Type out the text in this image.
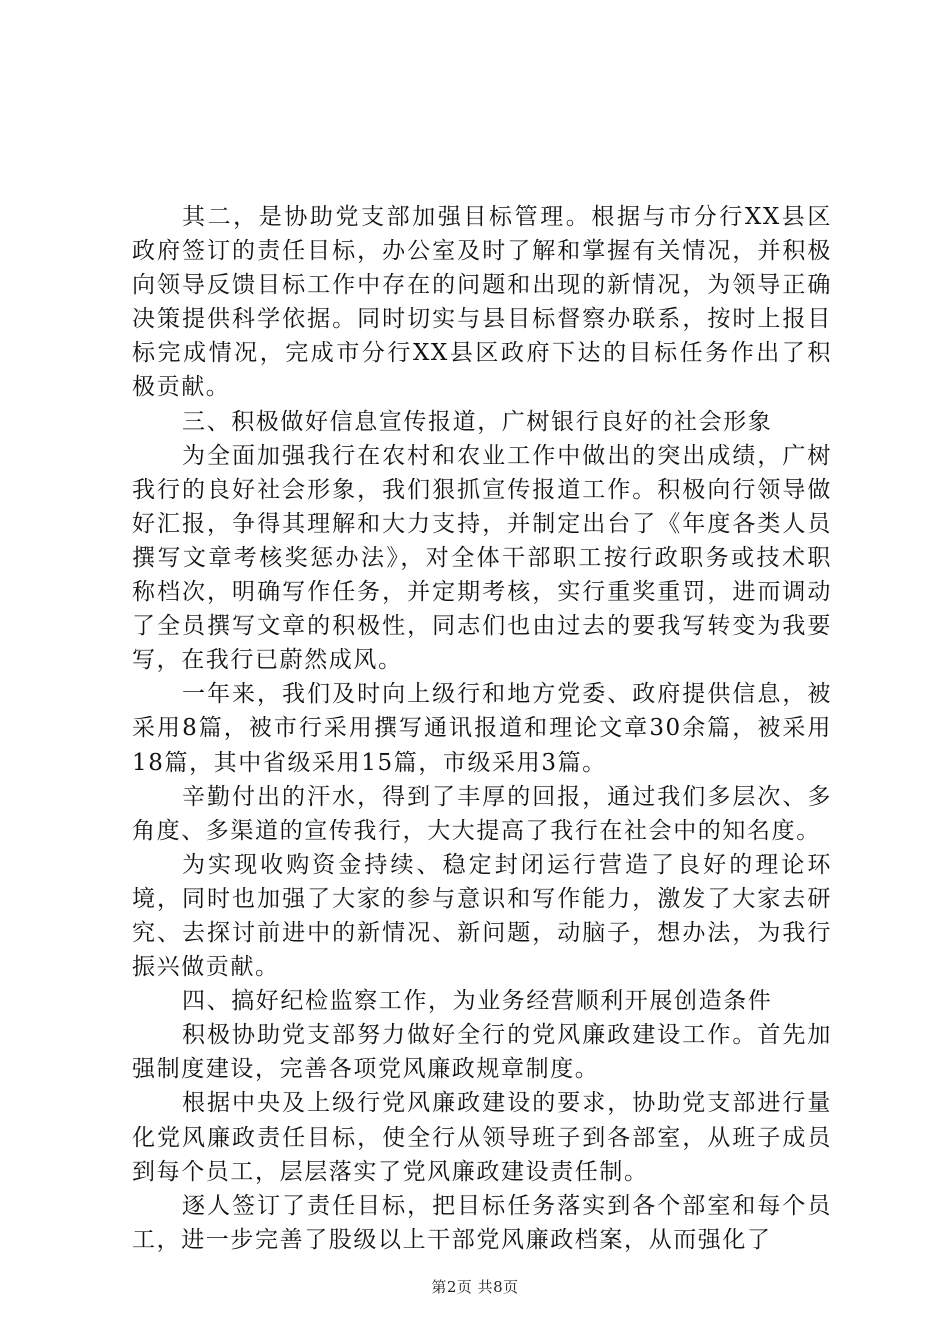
其二，是协助党支部加强目标管理。根据与市分行XX县区政府签订的责任目标，办公室及时了解和掌握有关情况，并积极向领导反馈目标工作中存在的问题和出现的新情况，为领导正确决策提供科学依据。同时切实与县目标督察办联系，按时上报目标完成情况，完成市分行XX县区政府下达的目标任务作出了积极贡献。

三、积极做好信息宣传报道，广树银行良好的社会形象

为全面加强我行在农村和农业工作中做出的突出成绩，广树我行的良好社会形象，我们狠抓宣传报道工作。积极向行领导做好汇报，争得其理解和大力支持，并制定出台了《年度各类人员撰写文章考核奖惩办法》，对全体干部职工按行政职务或技术职称档次，明确写作任务，并定期考核，实行重奖重罚，进而调动了全员撰写文章的积极性，同志们也由过去的要我写转变为我要写，在我行已蔚然成风。

一年来，我们及时向上级行和地方党委、政府提供信息，被采用8篇，被市行采用撰写通讯报道和理论文章30余篇，被采用18篇，其中省级采用15篇，市级采用3篇。

辛勤付出的汗水，得到了丰厚的回报，通过我们多层次、多角度、多渠道的宣传我行，大大提高了我行在社会中的知名度。

为实现收购资金持续、稳定封闭运行营造了良好的理论环境，同时也加强了大家的参与意识和写作能力，激发了大家去研究、去探讨前进中的新情况、新问题，动脑子，想办法，为我行振兴做贡献。

四、搞好纪检监察工作，为业务经营顺利开展创造条件

积极协助党支部努力做好全行的党风廉政建设工作。首先加强制度建设，完善各项党风廉政规章制度。

根据中央及上级行党风廉政建设的要求，协助党支部进行量化党风廉政责任目标，使全行从领导班子到各部室，从班子成员到每个员工，层层落实了党风廉政建设责任制。

逐人签订了责任目标，把目标任务落实到各个部室和每个员工，进一步完善了股级以上干部党风廉政档案，从而强化了

第2页 共8页
